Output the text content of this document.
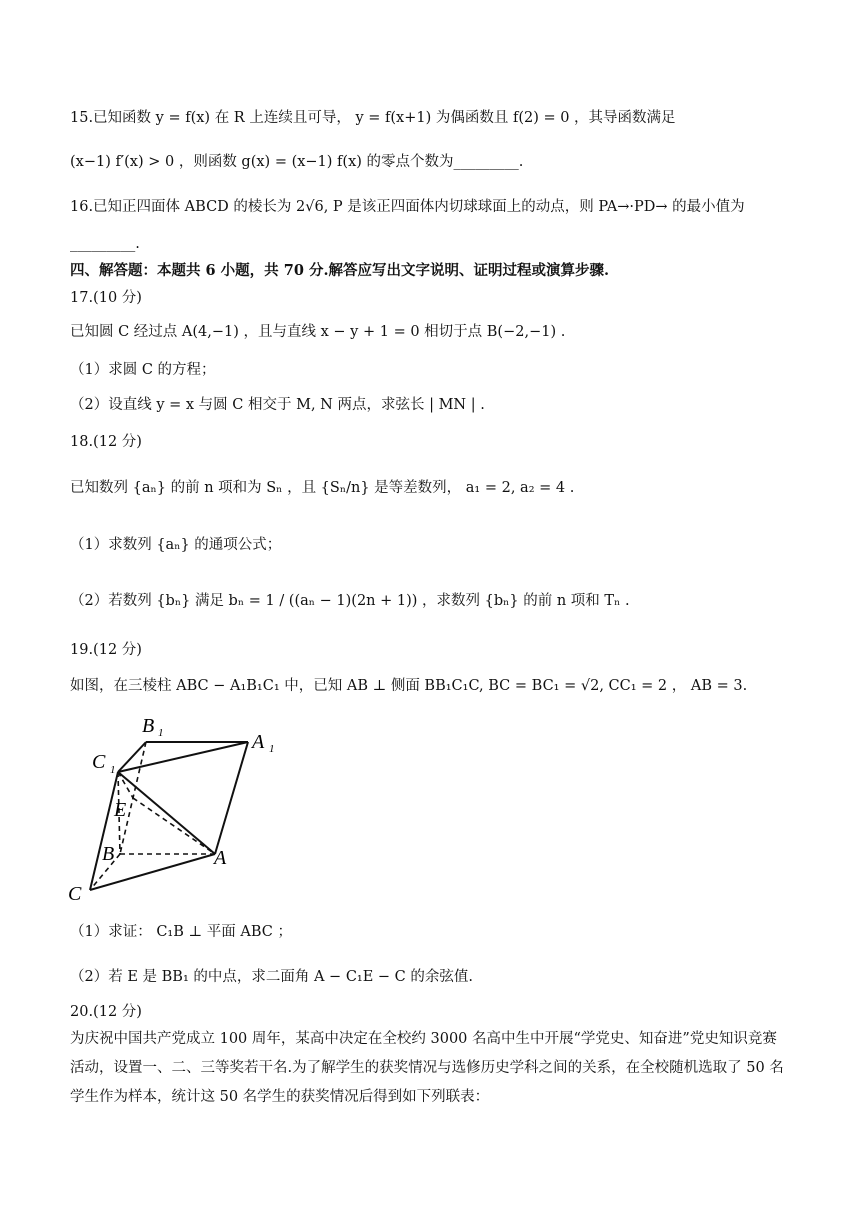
15.已知函数 y = f(x) 在 R 上连续且可导， y = f(x+1) 为偶函数且 f(2) = 0 ，其导函数满足
(x−1) f′(x) > 0 ，则函数 g(x) = (x−1) f(x) 的零点个数为_________.
16.已知正四面体 ABCD 的棱长为 2√6, P 是该正四面体内切球球面上的动点，则 PA→·PD→ 的最小值为
_________.
四、解答题：本题共 6 小题，共 70 分.解答应写出文字说明、证明过程或演算步骤.
17.(10 分)
已知圆 C 经过点 A(4,−1) ，且与直线 x − y + 1 = 0 相切于点 B(−2,−1) .
（1）求圆 C 的方程；
（2）设直线 y = x 与圆 C 相交于 M, N 两点，求弦长 | MN | .
18.(12 分)
已知数列 {aₙ} 的前 n 项和为 Sₙ ，且 {Sₙ/n} 是等差数列， a₁ = 2, a₂ = 4 .
（1）求数列 {aₙ} 的通项公式；
（2）若数列 {bₙ} 满足 bₙ = 1 / ((aₙ − 1)(2n + 1)) ，求数列 {bₙ} 的前 n 项和 Tₙ .
19.(12 分)
如图，在三棱柱 ABC − A₁B₁C₁ 中，已知 AB ⊥ 侧面 BB₁C₁C, BC = BC₁ = √2, CC₁ = 2 ， AB = 3.
B 1	A 1
C 1
E
B	A
C
（1）求证： C₁B ⊥ 平面 ABC ；
（2）若 E 是 BB₁ 的中点，求二面角 A − C₁E − C 的余弦值.
20.(12 分)
为庆祝中国共产党成立 100 周年，某高中决定在全校约 3000 名高中生中开展“学党史、知奋进”党史知识竞赛活动，设置一、二、三等奖若干名.为了解学生的获奖情况与选修历史学科之间的关系，在全校随机选取了 50 名学生作为样本，统计这 50 名学生的获奖情况后得到如下列联表：
